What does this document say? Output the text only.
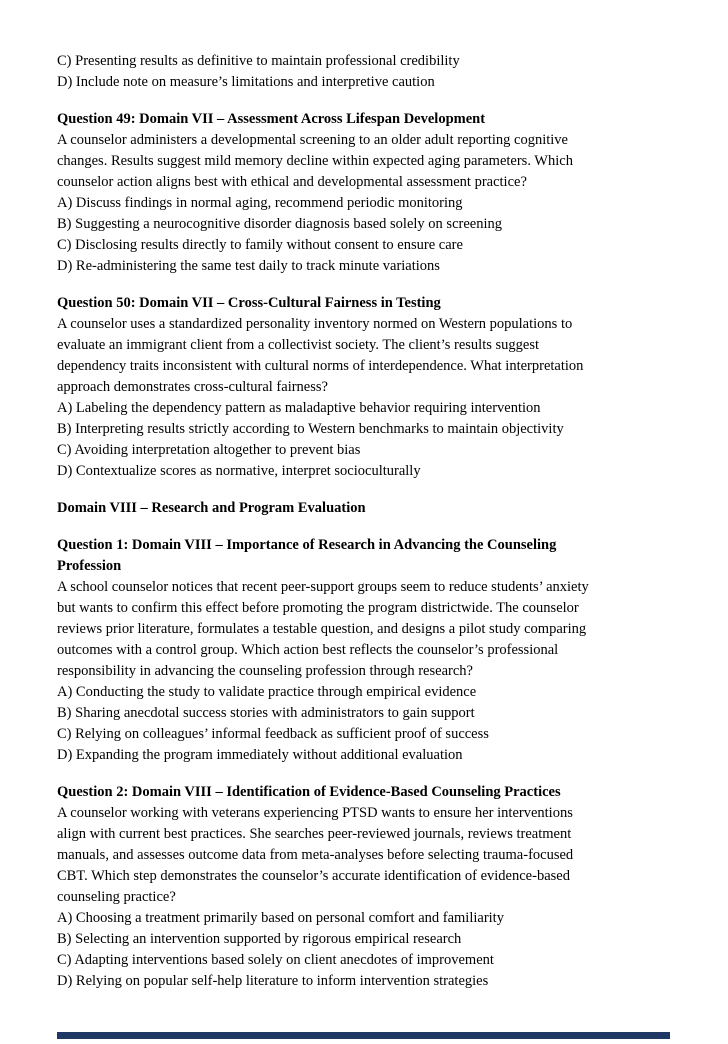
C) Presenting results as definitive to maintain professional credibility
D) Include note on measure’s limitations and interpretive caution
Question 49: Domain VII – Assessment Across Lifespan Development
A counselor administers a developmental screening to an older adult reporting cognitive
changes. Results suggest mild memory decline within expected aging parameters. Which
counselor action aligns best with ethical and developmental assessment practice?
A) Discuss findings in normal aging, recommend periodic monitoring
B) Suggesting a neurocognitive disorder diagnosis based solely on screening
C) Disclosing results directly to family without consent to ensure care
D) Re-administering the same test daily to track minute variations
Question 50: Domain VII – Cross-Cultural Fairness in Testing
A counselor uses a standardized personality inventory normed on Western populations to
evaluate an immigrant client from a collectivist society. The client’s results suggest
dependency traits inconsistent with cultural norms of interdependence. What interpretation
approach demonstrates cross-cultural fairness?
A) Labeling the dependency pattern as maladaptive behavior requiring intervention
B) Interpreting results strictly according to Western benchmarks to maintain objectivity
C) Avoiding interpretation altogether to prevent bias
D) Contextualize scores as normative, interpret socioculturally
Domain VIII – Research and Program Evaluation
Question 1: Domain VIII – Importance of Research in Advancing the Counseling
Profession
A school counselor notices that recent peer-support groups seem to reduce students’ anxiety
but wants to confirm this effect before promoting the program districtwide. The counselor
reviews prior literature, formulates a testable question, and designs a pilot study comparing
outcomes with a control group. Which action best reflects the counselor’s professional
responsibility in advancing the counseling profession through research?
A) Conducting the study to validate practice through empirical evidence
B) Sharing anecdotal success stories with administrators to gain support
C) Relying on colleagues’ informal feedback as sufficient proof of success
D) Expanding the program immediately without additional evaluation
Question 2: Domain VIII – Identification of Evidence-Based Counseling Practices
A counselor working with veterans experiencing PTSD wants to ensure her interventions
align with current best practices. She searches peer-reviewed journals, reviews treatment
manuals, and assesses outcome data from meta-analyses before selecting trauma-focused
CBT. Which step demonstrates the counselor’s accurate identification of evidence-based
counseling practice?
A) Choosing a treatment primarily based on personal comfort and familiarity
B) Selecting an intervention supported by rigorous empirical research
C) Adapting interventions based solely on client anecdotes of improvement
D) Relying on popular self-help literature to inform intervention strategies
